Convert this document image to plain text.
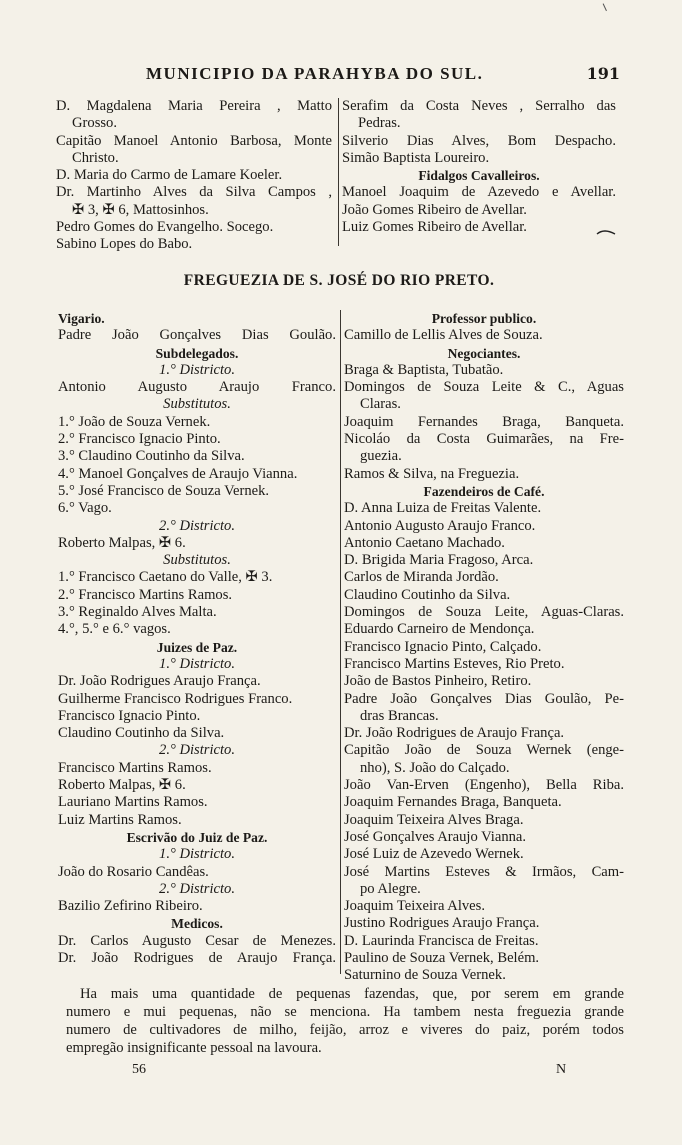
MUNICIPIO DA PARAHYBA DO SUL.	191
D. Magdalena Maria Pereira , Matto
Grosso.
Capitão Manoel Antonio Barbosa, Monte
Christo.
D. Maria do Carmo de Lamare Koeler.
Dr. Martinho Alves da Silva Campos ,
✠ 3, ✠ 6, Mattosinhos.
Pedro Gomes do Evangelho. Socego.
Sabino Lopes do Babo.
Serafim da Costa Neves , Serralho das
Pedras.
Silverio Dias Alves, Bom Despacho.
Simão Baptista Loureiro.
Fidalgos Cavalleiros.
Manoel Joaquim de Azevedo e Avellar.
João Gomes Ribeiro de Avellar.
Luiz Gomes Ribeiro de Avellar.
FREGUEZIA DE S. JOSÉ DO RIO PRETO.
Vigario.
Padre João Gonçalves Dias Goulão.
Subdelegados.
1.° Districto.
Antonio Augusto Araujo Franco.
Substitutos.
1.° João de Souza Vernek.
2.° Francisco Ignacio Pinto.
3.° Claudino Coutinho da Silva.
4.° Manoel Gonçalves de Araujo Vianna.
5.° José Francisco de Souza Vernek.
6.° Vago.
2.° Districto.
Roberto Malpas, ✠ 6.
Substitutos.
1.° Francisco Caetano do Valle, ✠ 3.
2.° Francisco Martins Ramos.
3.° Reginaldo Alves Malta.
4.°, 5.° e 6.° vagos.
Juizes de Paz.
1.° Districto.
Dr. João Rodrigues Araujo França.
Guilherme Francisco Rodrigues Franco.
Francisco Ignacio Pinto.
Claudino Coutinho da Silva.
2.° Districto.
Francisco Martins Ramos.
Roberto Malpas, ✠ 6.
Lauriano Martins Ramos.
Luiz Martins Ramos.
Escrivão do Juiz de Paz.
1.° Districto.
João do Rosario Candêas.
2.° Districto.
Bazilio Zefirino Ribeiro.
Medicos.
Dr. Carlos Augusto Cesar de Menezes.
Dr. João Rodrigues de Araujo França.
Professor publico.
Camillo de Lellis Alves de Souza.
Negociantes.
Braga & Baptista, Tubatão.
Domingos de Souza Leite & C., Aguas
Claras.
Joaquim Fernandes Braga, Banqueta.
Nicoláo da Costa Guimarães, na Fre-
guezia.
Ramos & Silva, na Freguezia.
Fazendeiros de Café.
D. Anna Luiza de Freitas Valente.
Antonio Augusto Araujo Franco.
Antonio Caetano Machado.
D. Brigida Maria Fragoso, Arca.
Carlos de Miranda Jordão.
Claudino Coutinho da Silva.
Domingos de Souza Leite, Aguas-Claras.
Eduardo Carneiro de Mendonça.
Francisco Ignacio Pinto, Calçado.
Francisco Martins Esteves, Rio Preto.
João de Bastos Pinheiro, Retiro.
Padre João Gonçalves Dias Goulão, Pe-
dras Brancas.
Dr. João Rodrigues de Araujo França.
Capitão João de Souza Wernek (enge-
nho), S. João do Calçado.
João Van-Erven (Engenho), Bella Riba.
Joaquim Fernandes Braga, Banqueta.
Joaquim Teixeira Alves Braga.
José Gonçalves Araujo Vianna.
José Luiz de Azevedo Wernek.
José Martins Esteves & Irmãos, Cam-
po Alegre.
Joaquim Teixeira Alves.
Justino Rodrigues Araujo França.
D. Laurinda Francisca de Freitas.
Paulino de Souza Vernek, Belém.
Saturnino de Souza Vernek.
Ha mais uma quantidade de pequenas fazendas, que, por serem em grande
numero e mui pequenas, não se menciona. Ha tambem nesta freguezia grande
numero de cultivadores de milho, feijão, arroz e viveres do paiz, porém todos
empregão insignificante pessoal na lavoura.
56	N
